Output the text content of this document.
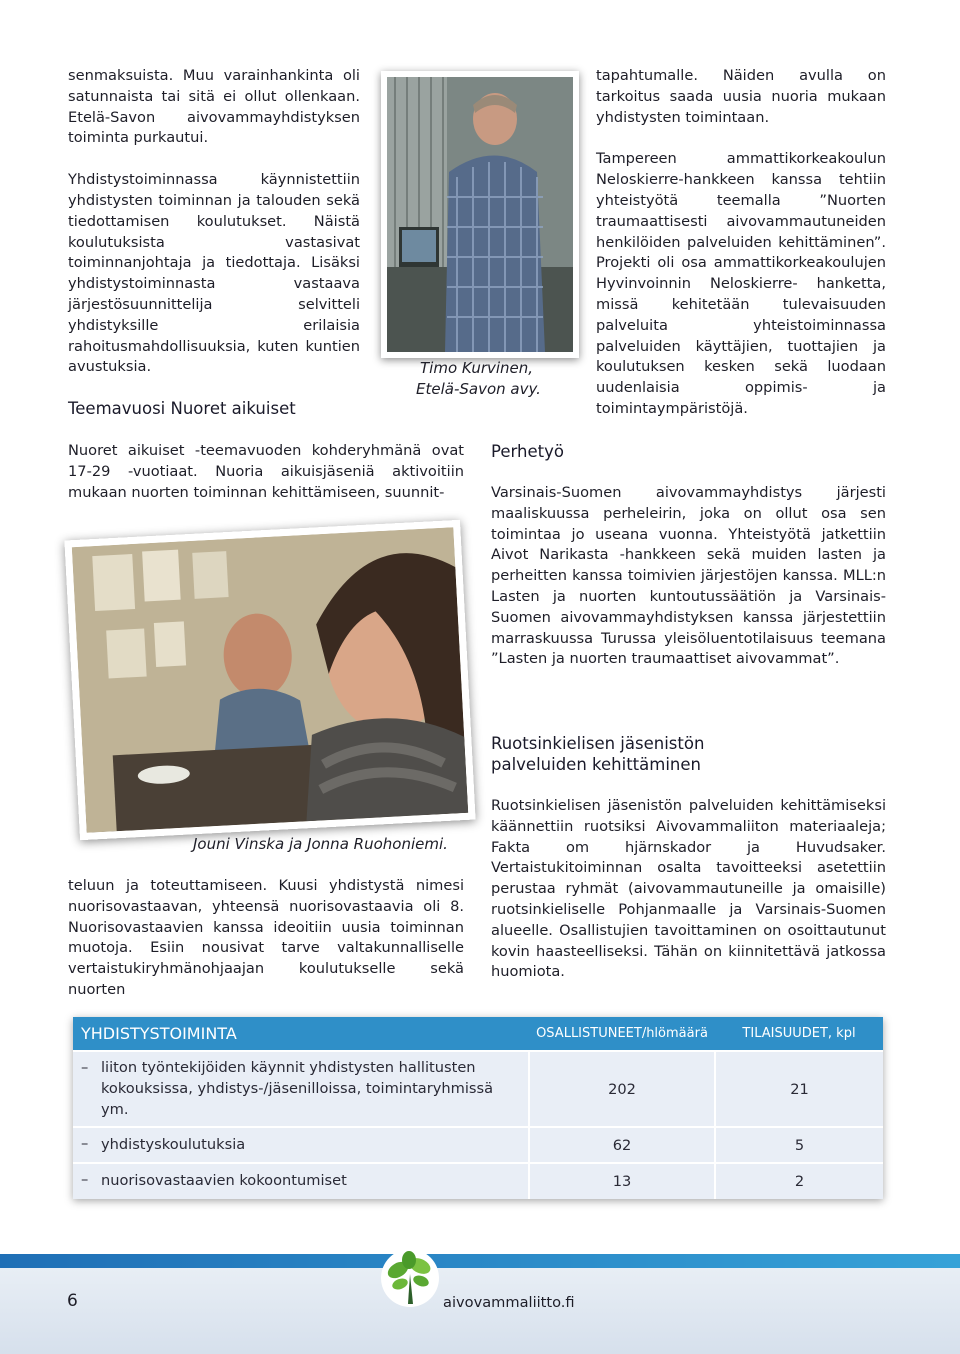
senmaksuista. Muu varainhankinta oli satunnaista tai sitä ei ollut ollenkaan. Etelä-Savon aivovammayhdistyksen toiminta purkautui.

Yhdistystoiminnassa käynnistettiin yhdistysten toiminnan ja talouden sekä tiedottamisen koulutukset. Näistä koulutuksista vastasivat toiminnanjohtaja ja tiedottaja. Lisäksi yhdistystoiminnasta vastaava järjestösuunnittelija selvitteli yhdistyksille erilaisia rahoitusmahdollisuuksia, kuten kuntien avustuksia.

Teemavuosi Nuoret aikuiset
Timo Kurvinen,
Etelä-Savon avy.

tapahtumalle. Näiden avulla on tarkoitus saada uusia nuoria mukaan yhdistysten toimintaan.

Tampereen ammattikorkeakoulun Neloskierre-hankkeen kanssa tehtiin yhteistyötä teemalla ”Nuorten traumaattisesti aivovammautuneiden henkilöiden palveluiden kehittäminen”. Projekti oli osa ammattikorkeakoulujen Hyvinvoinnin Neloskierre- hanketta, missä kehitetään tulevaisuuden palveluita yhteistoiminnassa palveluiden käyttäjien, tuottajien ja koulutuksen kesken sekä luodaan uudenlaisia oppimis- ja toimintaympäristöjä.

Nuoret aikuiset -teemavuoden kohderyhmänä ovat 17-29 -vuotiaat. Nuoria aikuisjäseniä aktivoitiin mukaan nuorten toiminnan kehittämiseen, suunnit-
Perhetyö
Varsinais-Suomen aivovammayhdistys järjesti maaliskuussa perheleirin, joka on ollut osa sen toimintaa jo useana vuonna. Yhteistyötä jatkettiin Aivot Narikasta -hankkeen sekä muiden lasten ja perheitten kanssa toimivien järjestöjen kanssa. MLL:n Lasten ja nuorten kuntoutussäätiön ja Varsinais-Suomen aivovammayhdistyksen kanssa järjestettiin marraskuussa Turussa yleisöluentotilaisuus teemana ”Lasten ja nuorten traumaattiset aivovammat”.
Jouni Vinska ja Jonna Ruohoniemi.
teluun ja toteuttamiseen. Kuusi yhdistystä nimesi nuorisovastaavan, yhteensä nuorisovastaavia oli 8. Nuorisovastaavien kanssa ideoitiin uusia toiminnan muotoja. Esiin nousivat tarve valtakunnalliselle vertaistukiryhmänohjaajan koulutukselle sekä nuorten
Ruotsinkielisen jäsenistön
palveluiden kehittäminen
Ruotsinkielisen jäsenistön palveluiden kehittämiseksi käännettiin ruotsiksi Aivovammaliiton materiaaleja; Fakta om hjärnskador ja Huvudsaker. Vertaistukitoiminnan osalta tavoitteeksi asetettiin perustaa ryhmät (aivovammautuneille ja omaisille) ruotsinkieliselle Pohjanmaalle ja Varsinais-Suomen alueelle. Osallistujien tavoittaminen on osoittautunut kovin haasteelliseksi. Tähän on kiinnitettävä jatkossa huomiota.
YHDISTYSTOIMINTA	OSALLISTUNEET/hlömäärä	TILAISUUDET, kpl

– liiton työntekijöiden käynnit yhdistysten hallitusten kokouksissa, yhdistys-/jäsenilloissa, toimintaryhmissä ym.	202	21

– yhdistyskoulutuksia	62	5

– nuorisovastaavien kokoontumiset	13	2
6	aivovammaliitto.fi
